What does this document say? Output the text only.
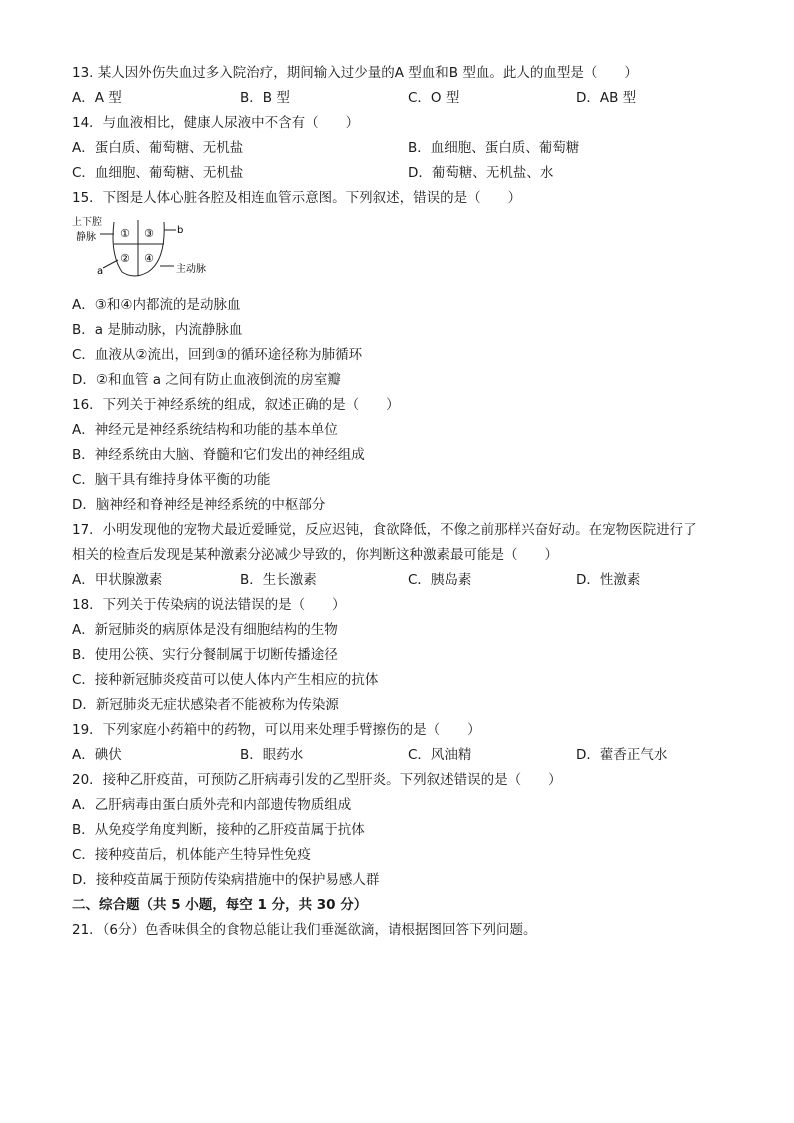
13. 某人因外伤失血过多入院治疗，期间输入过少量的A 型血和B 型血。此人的血型是（　　）
A．A 型	B．B 型	C．O 型	D．AB 型
14．与血液相比，健康人尿液中不含有（　　）
A．蛋白质、葡萄糖、无机盐	B．血细胞、蛋白质、葡萄糖
C．血细胞、葡萄糖、无机盐	D．葡萄糖、无机盐、水
15．下图是人体心脏各腔及相连血管示意图。下列叙述，错误的是（　　）
上下腔
静脉
a
b
主动脉
①
②
③
④
A．③和④内都流的是动脉血
B．a 是肺动脉，内流静脉血
C．血液从②流出，回到③的循环途径称为肺循环
D．②和血管 a 之间有防止血液倒流的房室瓣
16．下列关于神经系统的组成，叙述正确的是（　　）
A．神经元是神经系统结构和功能的基本单位
B．神经系统由大脑、脊髓和它们发出的神经组成
C．脑干具有维持身体平衡的功能
D．脑神经和脊神经是神经系统的中枢部分
17．小明发现他的宠物犬最近爱睡觉，反应迟钝，食欲降低，不像之前那样兴奋好动。在宠物医院进行了
相关的检查后发现是某种激素分泌减少导致的，你判断这种激素最可能是（　　）
A．甲状腺激素	B．生长激素	C．胰岛素	D．性激素
18．下列关于传染病的说法错误的是（　　）
A．新冠肺炎的病原体是没有细胞结构的生物
B．使用公筷、实行分餐制属于切断传播途径
C．接种新冠肺炎疫苗可以使人体内产生相应的抗体
D．新冠肺炎无症状感染者不能被称为传染源
19．下列家庭小药箱中的药物，可以用来处理手臂擦伤的是（　　）
A．碘伏	B．眼药水	C．风油精	D．藿香正气水
20．接种乙肝疫苗，可预防乙肝病毒引发的乙型肝炎。下列叙述错误的是（　　）
A．乙肝病毒由蛋白质外壳和内部遗传物质组成
B．从免疫学角度判断，接种的乙肝疫苗属于抗体
C．接种疫苗后，机体能产生特异性免疫
D．接种疫苗属于预防传染病措施中的保护易感人群
二、综合题（共 5 小题，每空 1 分，共 30 分）
21．（6分）色香味俱全的食物总能让我们垂涎欲滴，请根据图回答下列问题。
